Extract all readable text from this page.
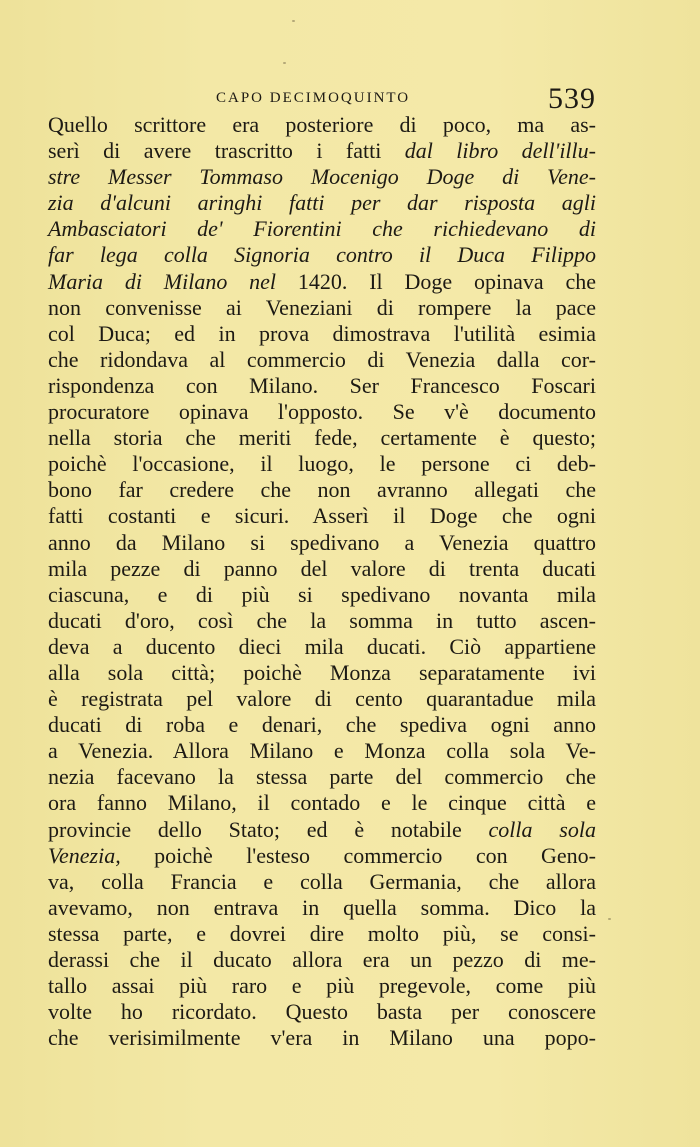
CAPO DECIMOQUINTO	539
Quello scrittore era posteriore di poco, ma as-
serì di avere trascritto i fatti dal libro dell'illu-
stre Messer Tommaso Mocenigo Doge di Vene-
zia d'alcuni aringhi fatti per dar risposta agli
Ambasciatori de' Fiorentini che richiedevano di
far lega colla Signoria contro il Duca Filippo
Maria di Milano nel 1420. Il Doge opinava che
non convenisse ai Veneziani di rompere la pace
col Duca; ed in prova dimostrava l'utilità esimia
che ridondava al commercio di Venezia dalla cor-
rispondenza con Milano. Ser Francesco Foscari
procuratore opinava l'opposto. Se v'è documento
nella storia che meriti fede, certamente è questo;
poichè l'occasione, il luogo, le persone ci deb-
bono far credere che non avranno allegati che
fatti costanti e sicuri. Asserì il Doge che ogni
anno da Milano si spedivano a Venezia quattro
mila pezze di panno del valore di trenta ducati
ciascuna, e di più si spedivano novanta mila
ducati d'oro, così che la somma in tutto ascen-
deva a ducento dieci mila ducati. Ciò appartiene
alla sola città; poichè Monza separatamente ivi
è registrata pel valore di cento quarantadue mila
ducati di roba e denari, che spediva ogni anno
a Venezia. Allora Milano e Monza colla sola Ve-
nezia facevano la stessa parte del commercio che
ora fanno Milano, il contado e le cinque città e
provincie dello Stato; ed è notabile colla sola
Venezia, poichè l'esteso commercio con Geno-
va, colla Francia e colla Germania, che allora
avevamo, non entrava in quella somma. Dico la
stessa parte, e dovrei dire molto più, se consi-
derassi che il ducato allora era un pezzo di me-
tallo assai più raro e più pregevole, come più
volte ho ricordato. Questo basta per conoscere
che verisimilmente v'era in Milano una popo-
